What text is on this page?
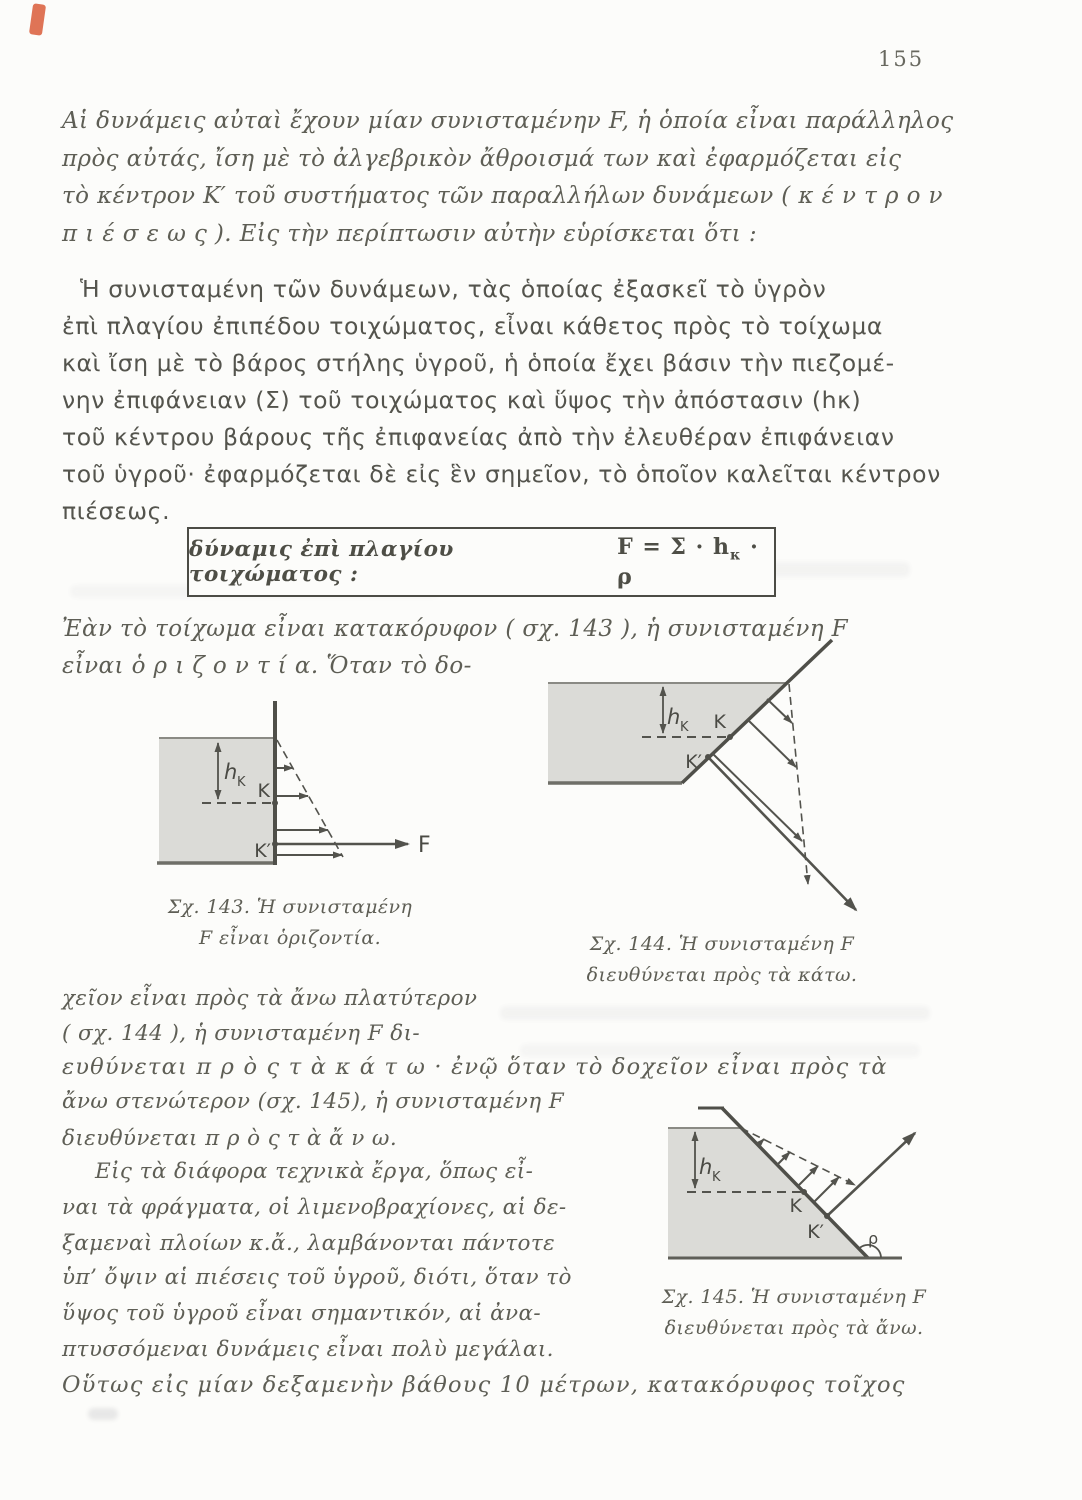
155
Αἱ δυνάμεις αὐταὶ ἔχουν μίαν συνισταμένην F, ἡ ὁποία εἶναι παράλληλος
πρὸς αὐτάς, ἴση μὲ τὸ ἀλγεβρικὸν ἄθροισμά των καὶ ἐφαρμόζεται εἰς
τὸ κέντρον Κ′ τοῦ συστήματος τῶν παραλλήλων δυνάμεων ( κ έ ν τ ρ ο ν
π ι έ σ ε ω ς ). Εἰς τὴν περίπτωσιν αὐτὴν εὑρίσκεται ὅτι :
Ἡ συνισταμένη τῶν δυνάμεων, τὰς ὁποίας ἐξασκεῖ τὸ ὑγρὸν
ἐπὶ πλαγίου ἐπιπέδου τοιχώματος, εἶναι κάθετος πρὸς τὸ τοίχωμα
καὶ ἴση μὲ τὸ βάρος στήλης ὑγροῦ, ἡ ὁποία ἔχει βάσιν τὴν πιεζομέ-
νην ἐπιφάνειαν (Σ) τοῦ τοιχώματος καὶ ὕψος τὴν ἀπόστασιν (hκ)
τοῦ κέντρου βάρους τῆς ἐπιφανείας ἀπὸ τὴν ἐλευθέραν ἐπιφάνειαν
τοῦ ὑγροῦ· ἐφαρμόζεται δὲ εἰς ἓν σημεῖον, τὸ ὁποῖον καλεῖται κέντρον
πιέσεως.
δύναμις ἐπὶ πλαγίου τοιχώματος :
$F = \Sigma \cdot h_\kappa \cdot \rho$
Ἐὰν τὸ τοίχωμα εἶναι κατακόρυφον ( σχ. 143 ), ἡ συνισταμένη F
εἶναι ὁ ρ ι ζ ο ν τ ί α. Ὅταν τὸ δο-
h K K
K′	F
Σχ. 143. Ἡ συνισταμένη
F εἶναι ὁριζοντία.
h K K
K′
Σχ. 144. Ἡ συνισταμένη F
διευθύνεται πρὸς τὰ κάτω.
χεῖον εἶναι πρὸς τὰ ἄνω πλατύτερον
( σχ. 144 ), ἡ συνισταμένη F δι-
ευθύνεται π ρ ὸ ς τ ὰ κ ά τ ω · ἐνῷ ὅταν τὸ δοχεῖον εἶναι πρὸς τὰ
ἄνω στενώτερον (σχ. 145), ἡ συνισταμένη F
διευθύνεται π ρ ὸ ς τ ὰ ἄ ν ω.
Εἰς τὰ διάφορα τεχνικὰ ἔργα, ὅπως εἶ-
ναι τὰ φράγματα, οἱ λιμενοβραχίονες, αἱ δε-
ξαμεναὶ πλοίων κ.ἄ., λαμβάνονται πάντοτε
ὑπ’ ὄψιν αἱ πιέσεις τοῦ ὑγροῦ, διότι, ὅταν τὸ
ὕψος τοῦ ὑγροῦ εἶναι σημαντικόν, αἱ ἀνα-
πτυσσόμεναι δυνάμεις εἶναι πολὺ μεγάλαι.
Οὕτως εἰς μίαν δεξαμενὴν βάθους 10 μέτρων, κατακόρυφος τοῖχος
h K
K
K′	ρ
Σχ. 145. Ἡ συνισταμένη F
διευθύνεται πρὸς τὰ ἄνω.
